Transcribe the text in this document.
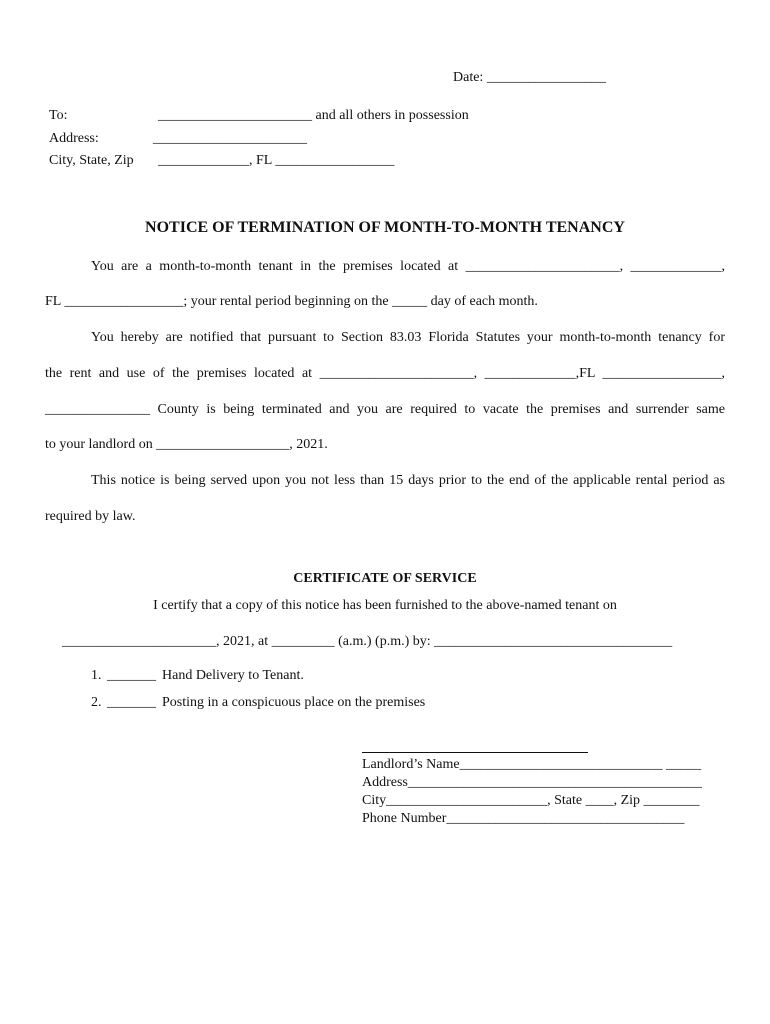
Date: _________________
To:	______________________ and all others in possession
Address:	______________________
City, State, Zip _____________, FL _________________
NOTICE OF TERMINATION OF MONTH-TO-MONTH TENANCY
You are a month-to-month tenant in the premises located at ______________________, _____________,
FL _________________; your rental period beginning on the _____ day of each month.
You hereby are notified that pursuant to Section 83.03 Florida Statutes your month-to-month tenancy for
the rent and use of the premises located at ______________________, _____________,FL _________________,
_______________ County is being terminated and you are required to vacate the premises and surrender same
to your landlord on ___________________, 2021.
This notice is being served upon you not less than 15 days prior to the end of the applicable rental period as
required by law.
CERTIFICATE OF SERVICE
I certify that a copy of this notice has been furnished to the above-named tenant on
______________________, 2021, at _________ (a.m.) (p.m.) by: __________________________________
1. _______ Hand Delivery to Tenant.
2. _______ Posting in a conspicuous place on the premises
Landlord’s Name_____________________________ _____
Address__________________________________________
City_______________________, State ____, Zip ________
Phone Number__________________________________
